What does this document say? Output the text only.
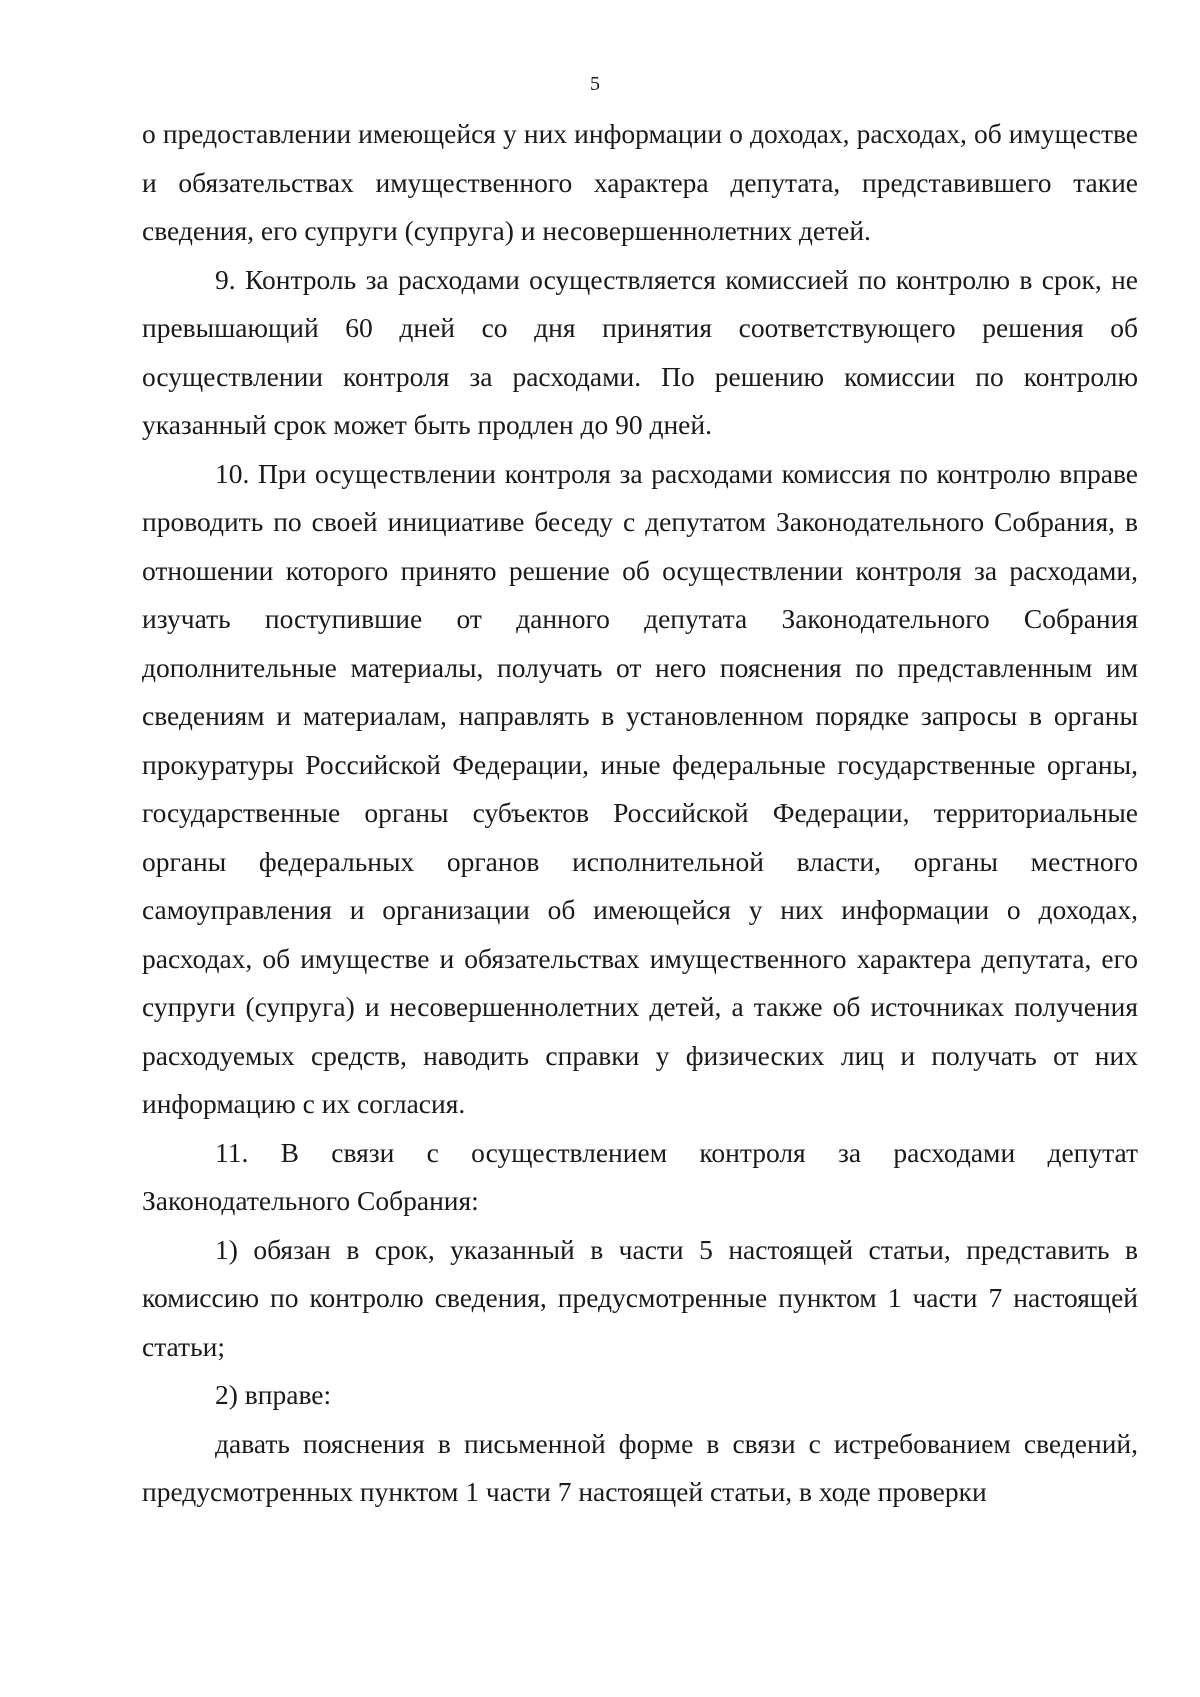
5

о предоставлении имеющейся у них информации о доходах, расходах, об имуществе и обязательствах имущественного характера депутата, представившего такие сведения, его супруги (супруга) и несовершеннолетних детей.

9. Контроль за расходами осуществляется комиссией по контролю в срок, не превышающий 60 дней со дня принятия соответствующего решения об осуществлении контроля за расходами. По решению комиссии по контролю указанный срок может быть продлен до 90 дней.

10. При осуществлении контроля за расходами комиссия по контролю вправе проводить по своей инициативе беседу с депутатом Законодательного Собрания, в отношении которого принято решение об осуществлении контроля за расходами, изучать поступившие от данного депутата Законодательного Собрания дополнительные материалы, получать от него пояснения по представленным им сведениям и материалам, направлять в установленном порядке запросы в органы прокуратуры Российской Федерации, иные федеральные государственные органы, государственные органы субъектов Российской Федерации, территориальные органы федеральных органов исполнительной власти, органы местного самоуправления и организации об имеющейся у них информации о доходах, расходах, об имуществе и обязательствах имущественного характера депутата, его супруги (супруга) и несовершеннолетних детей, а также об источниках получения расходуемых средств, наводить справки у физических лиц и получать от них информацию с их согласия.

11. В связи с осуществлением контроля за расходами депутат Законодательного Собрания:

1) обязан в срок, указанный в части 5 настоящей статьи, представить в комиссию по контролю сведения, предусмотренные пунктом 1 части 7 настоящей статьи;

2) вправе:

давать пояснения в письменной форме в связи с истребованием сведений, предусмотренных пунктом 1 части 7 настоящей статьи, в ходе проверки
